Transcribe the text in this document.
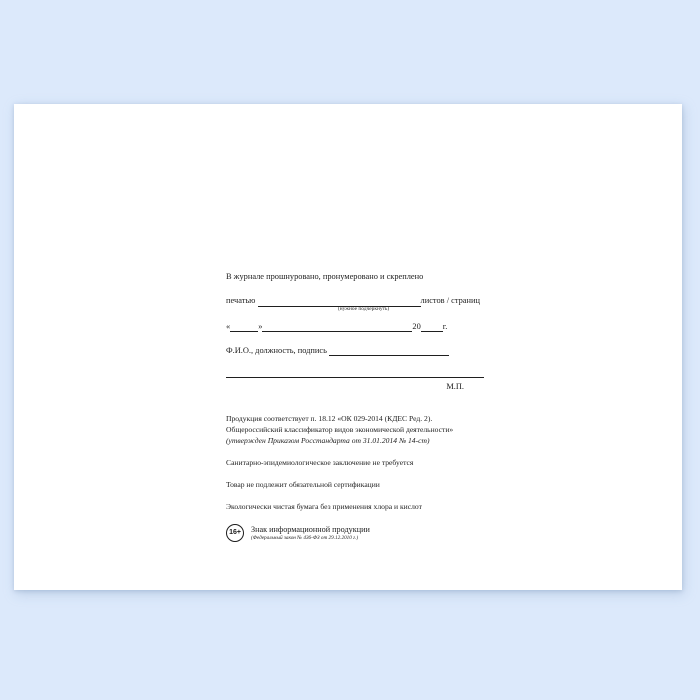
В журнале прошнуровано, пронумеровано и скреплено
печатью	листов / страниц
(нужное подчеркнуть)
«	»	20	г.
Ф.И.О., должность, подпись
М.П.
Продукция соответствует п. 18.12 «ОК 029-2014 (КДЕС Ред. 2).
Общероссийский классификатор видов экономической деятельности»
(утвержден Приказом Росстандарта от 31.01.2014 № 14-ст)
Санитарно-эпидемиологическое заключение не требуется
Товар не подлежит обязательной сертификации
Экологически чистая бумага без применения хлора и кислот
16+	Знак информационной продукции
(Федеральный закон № 436-ФЗ от 29.12.2010 г.)
